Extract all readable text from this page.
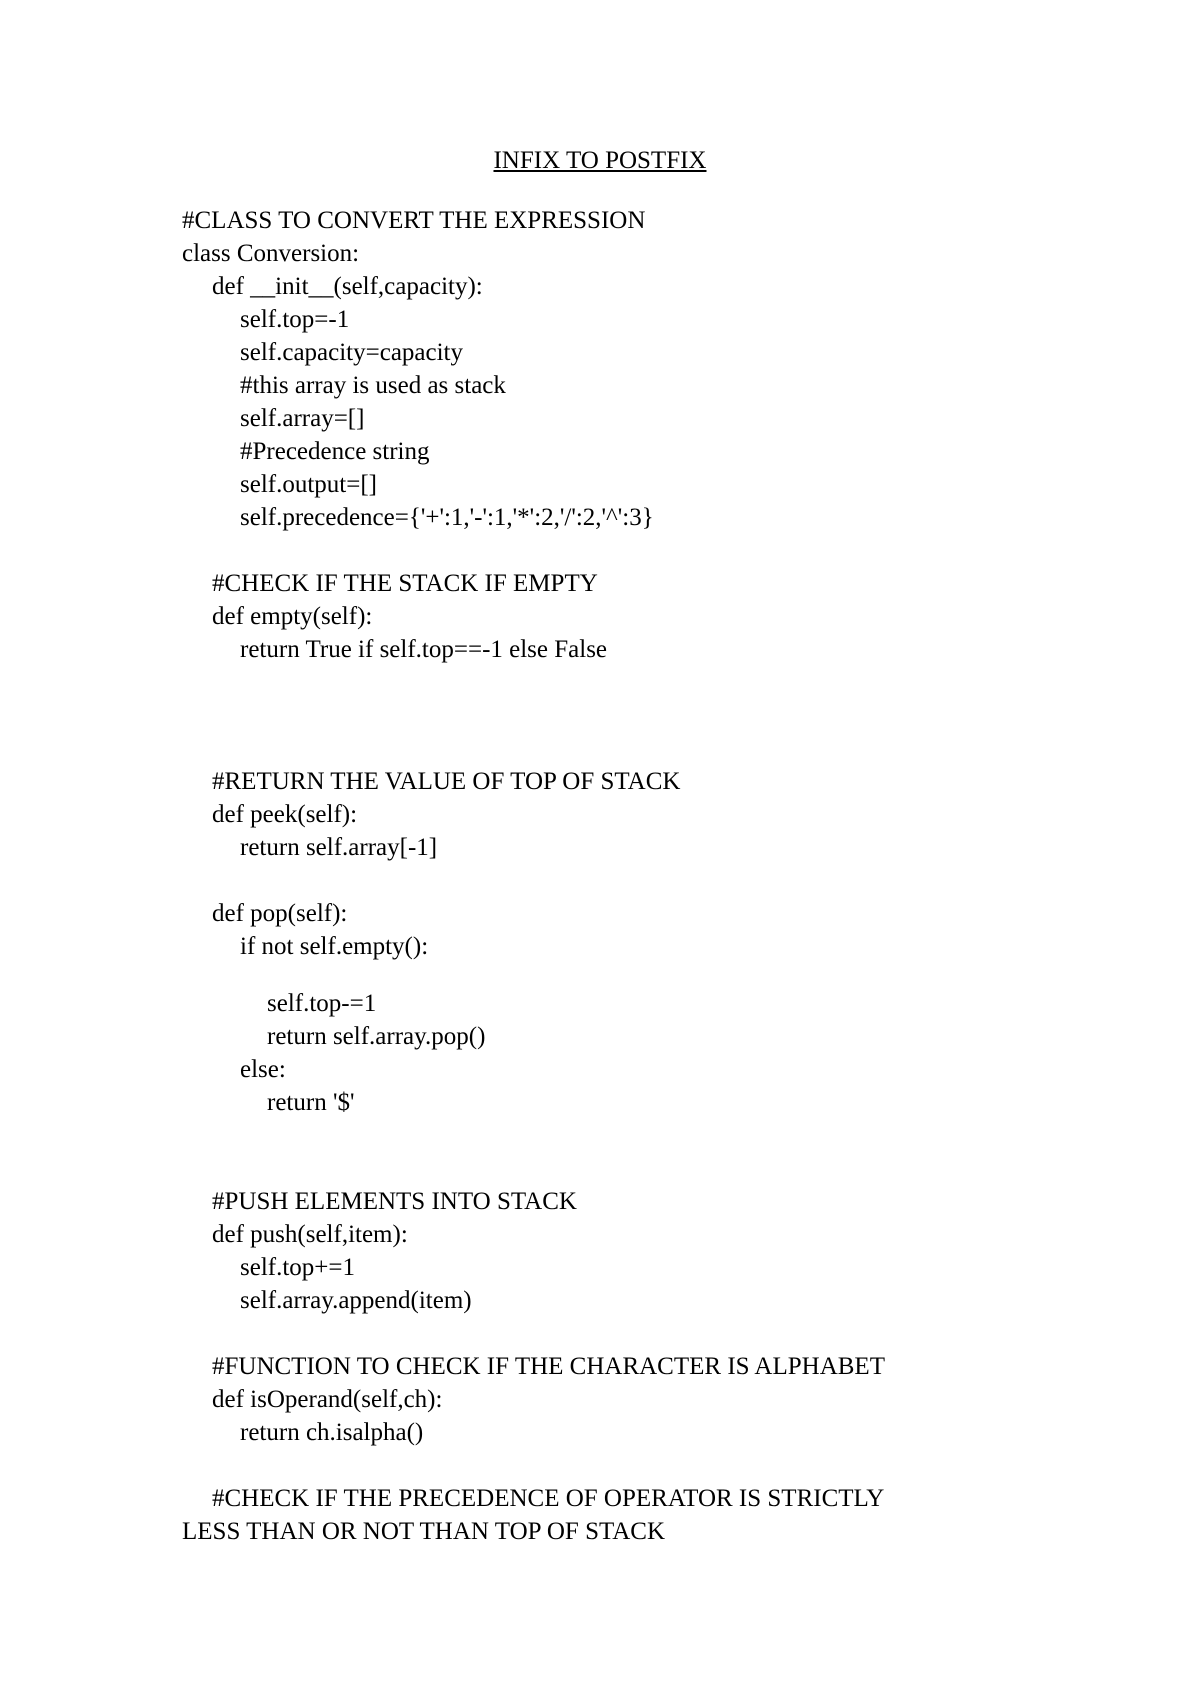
INFIX TO POSTFIX
#CLASS TO CONVERT THE EXPRESSION
class Conversion:
def __init__(self,capacity):
self.top=-1
self.capacity=capacity
#this array is used as stack
self.array=[]
#Precedence string
self.output=[]
self.precedence={'+':1,'-':1,'*':2,'/':2,'^':3}
#CHECK IF THE STACK IF EMPTY
def empty(self):
return True if self.top==-1 else False
#RETURN THE VALUE OF TOP OF STACK
def peek(self):
return self.array[-1]
def pop(self):
if not self.empty():
self.top-=1
return self.array.pop()
else:
return '$'
#PUSH ELEMENTS INTO STACK
def push(self,item):
self.top+=1
self.array.append(item)
#FUNCTION TO CHECK IF THE CHARACTER IS ALPHABET
def isOperand(self,ch):
return ch.isalpha()
#CHECK IF THE PRECEDENCE OF OPERATOR IS STRICTLY
LESS THAN OR NOT THAN TOP OF STACK
